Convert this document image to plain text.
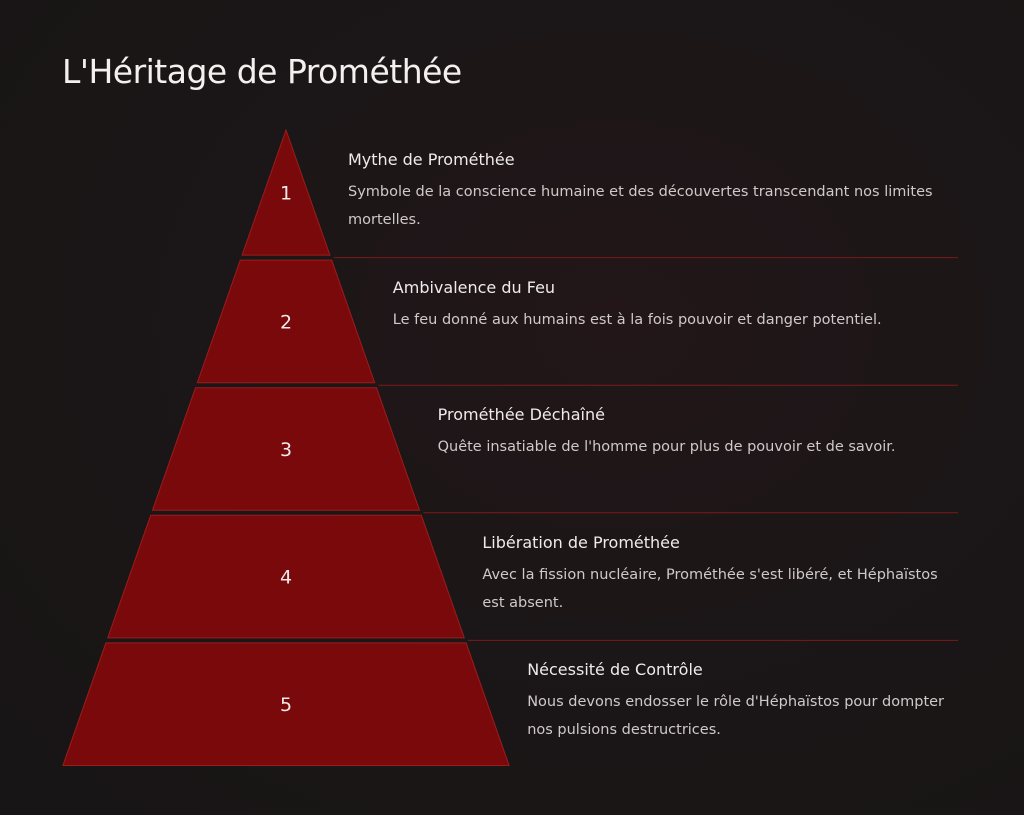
L'Héritage de Prométhée
1
2
3
4
5
Mythe de Prométhée

Symbole de la conscience humaine et des découvertes transcendant nos limites mortelles.

Ambivalence du Feu

Le feu donné aux humains est à la fois pouvoir et danger potentiel.

Prométhée Déchaîné

Quête insatiable de l'homme pour plus de pouvoir et de savoir.

Libération de Prométhée

Avec la fission nucléaire, Prométhée s'est libéré, et Héphaïstos est absent.

Nécessité de Contrôle

Nous devons endosser le rôle d'Héphaïstos pour dompter nos pulsions destructrices.
